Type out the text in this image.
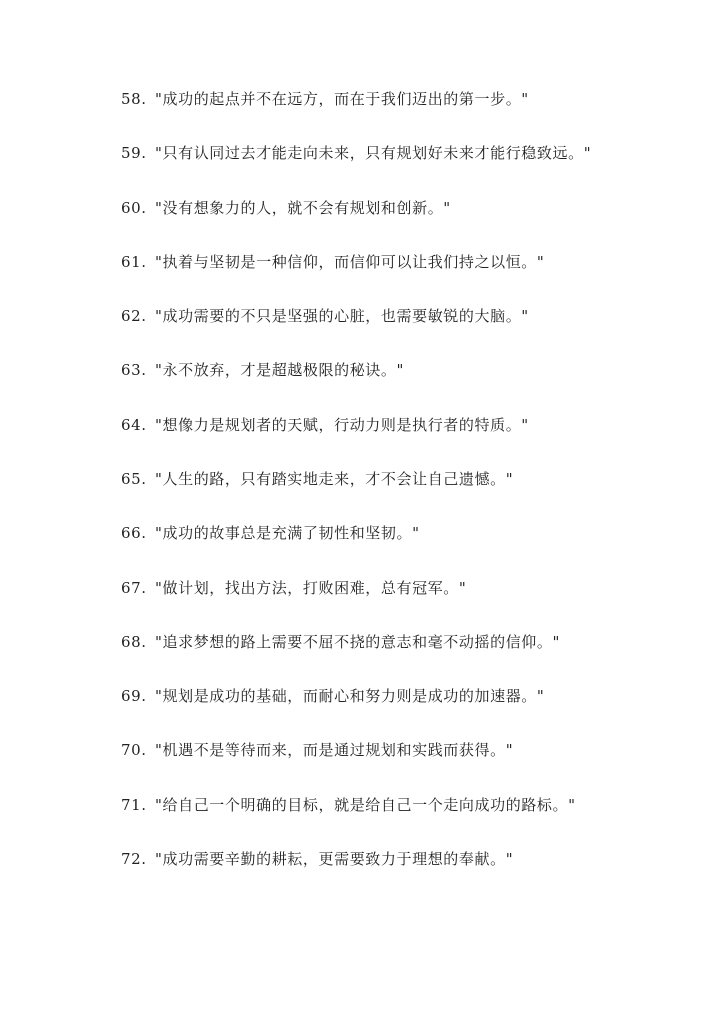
58. "成功的起点并不在远方，而在于我们迈出的第一步。"
59. "只有认同过去才能走向未来，只有规划好未来才能行稳致远。"
60. "没有想象力的人，就不会有规划和创新。"
61. "执着与坚韧是一种信仰，而信仰可以让我们持之以恒。"
62. "成功需要的不只是坚强的心脏，也需要敏锐的大脑。"
63. "永不放弃，才是超越极限的秘诀。"
64. "想像力是规划者的天赋，行动力则是执行者的特质。"
65. "人生的路，只有踏实地走来，才不会让自己遗憾。"
66. "成功的故事总是充满了韧性和坚韧。"
67. "做计划，找出方法，打败困难，总有冠军。"
68. "追求梦想的路上需要不屈不挠的意志和毫不动摇的信仰。"
69. "规划是成功的基础，而耐心和努力则是成功的加速器。"
70. "机遇不是等待而来，而是通过规划和实践而获得。"
71. "给自己一个明确的目标，就是给自己一个走向成功的路标。"
72. "成功需要辛勤的耕耘，更需要致力于理想的奉献。"
